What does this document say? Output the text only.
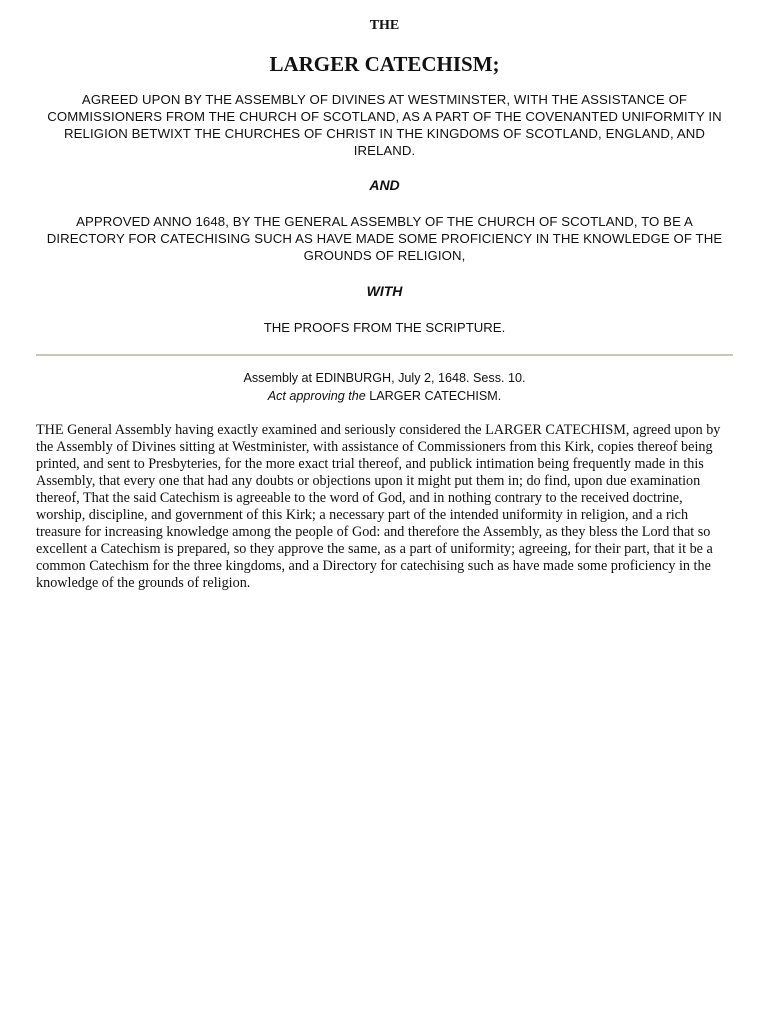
THE
LARGER CATECHISM;
AGREED UPON BY THE ASSEMBLY OF DIVINES AT WESTMINSTER, WITH THE ASSISTANCE OF COMMISSIONERS FROM THE CHURCH OF SCOTLAND, AS A PART OF THE COVENANTED UNIFORMITY IN RELIGION BETWIXT THE CHURCHES OF CHRIST IN THE KINGDOMS OF SCOTLAND, ENGLAND, AND IRELAND.
AND
APPROVED ANNO 1648, BY THE GENERAL ASSEMBLY OF THE CHURCH OF SCOTLAND, TO BE A DIRECTORY FOR CATECHISING SUCH AS HAVE MADE SOME PROFICIENCY IN THE KNOWLEDGE OF THE GROUNDS OF RELIGION,
WITH
THE PROOFS FROM THE SCRIPTURE.
Assembly at EDINBURGH, July 2, 1648. Sess. 10.
Act approving the LARGER CATECHISM.
THE General Assembly having exactly examined and seriously considered the LARGER CATECHISM, agreed upon by the Assembly of Divines sitting at Westminister, with assistance of Commissioners from this Kirk, copies thereof being printed, and sent to Presbyteries, for the more exact trial thereof, and publick intimation being frequently made in this Assembly, that every one that had any doubts or objections upon it might put them in; do find, upon due examination thereof, That the said Catechism is agreeable to the word of God, and in nothing contrary to the received doctrine, worship, discipline, and government of this Kirk; a necessary part of the intended uniformity in religion, and a rich treasure for increasing knowledge among the people of God: and therefore the Assembly, as they bless the Lord that so excellent a Catechism is prepared, so they approve the same, as a part of uniformity; agreeing, for their part, that it be a common Catechism for the three kingdoms, and a Directory for catechising such as have made some proficiency in the knowledge of the grounds of religion.
